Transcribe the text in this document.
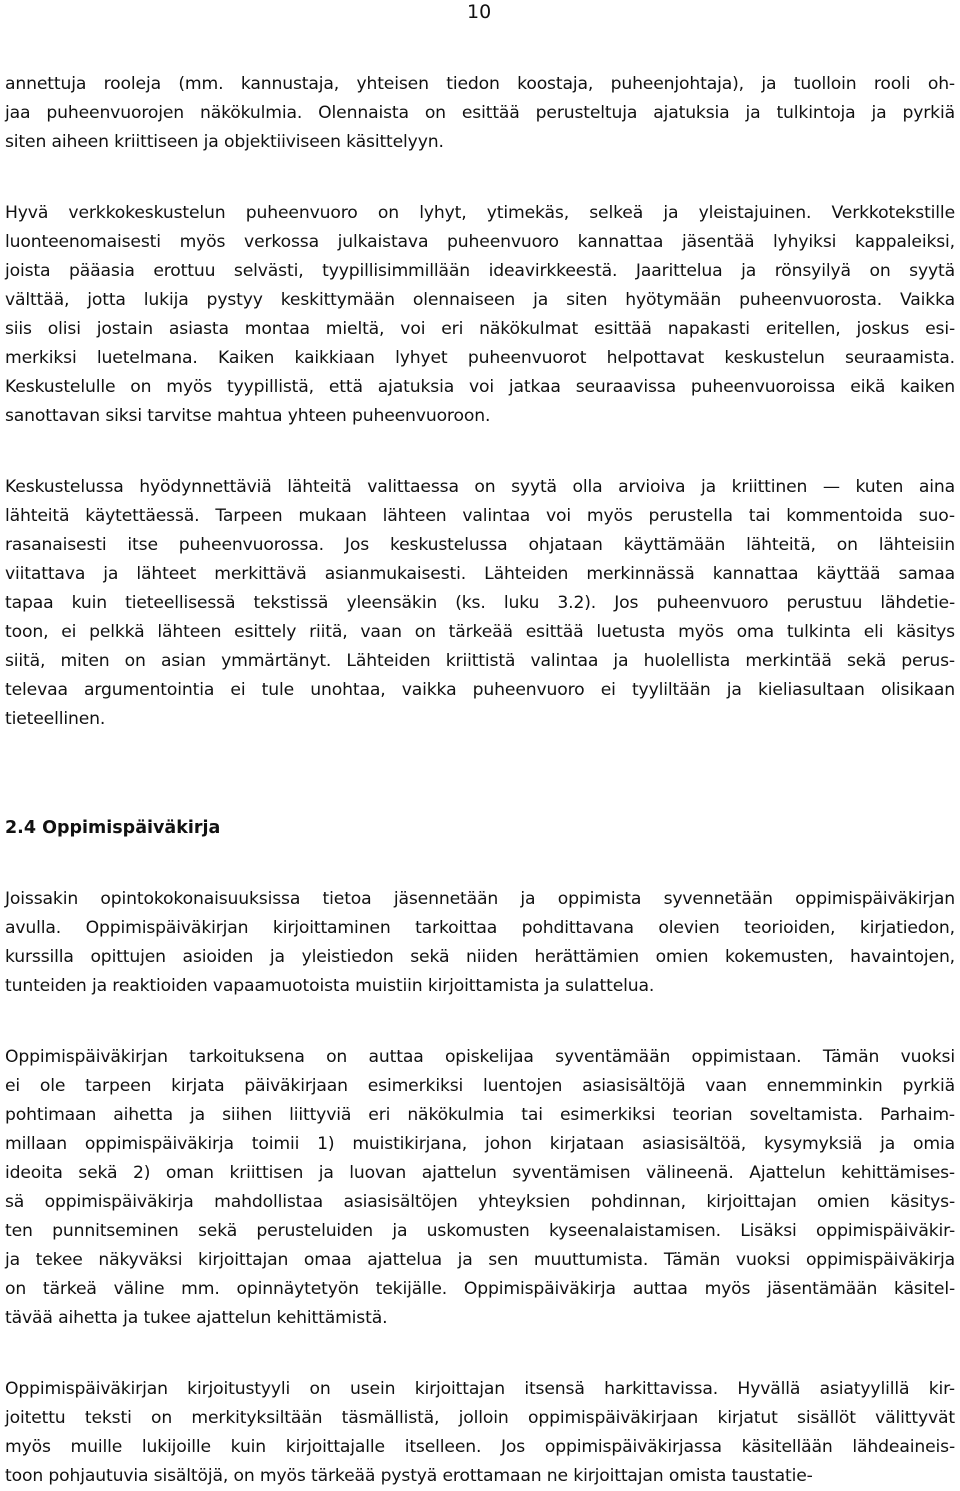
10
annettuja rooleja (mm. kannustaja, yhteisen tiedon koostaja, puheenjohtaja), ja tuolloin rooli oh-
jaa puheenvuorojen näkökulmia. Olennaista on esittää perusteltuja ajatuksia ja tulkintoja ja pyrkiä
siten aiheen kriittiseen ja objektiiviseen käsittelyyn.
Hyvä verkkokeskustelun puheenvuoro on lyhyt, ytimekäs, selkeä ja yleistajuinen. Verkkotekstille
luonteenomaisesti myös verkossa julkaistava puheenvuoro kannattaa jäsentää lyhyiksi kappaleiksi,
joista pääasia erottuu selvästi, tyypillisimmillään ideavirkkeestä. Jaarittelua ja rönsyilyä on syytä
välttää, jotta lukija pystyy keskittymään olennaiseen ja siten hyötymään puheenvuorosta. Vaikka
siis olisi jostain asiasta montaa mieltä, voi eri näkökulmat esittää napakasti eritellen, joskus esi-
merkiksi luetelmana. Kaiken kaikkiaan lyhyet puheenvuorot helpottavat keskustelun seuraamista.
Keskustelulle on myös tyypillistä, että ajatuksia voi jatkaa seuraavissa puheenvuoroissa eikä kaiken
sanottavan siksi tarvitse mahtua yhteen puheenvuoroon.
Keskustelussa hyödynnettäviä lähteitä valittaessa on syytä olla arvioiva ja kriittinen — kuten aina
lähteitä käytettäessä. Tarpeen mukaan lähteen valintaa voi myös perustella tai kommentoida suo-
rasanaisesti itse puheenvuorossa. Jos keskustelussa ohjataan käyttämään lähteitä, on lähteisiin
viitattava ja lähteet merkittävä asianmukaisesti. Lähteiden merkinnässä kannattaa käyttää samaa
tapaa kuin tieteellisessä tekstissä yleensäkin (ks. luku 3.2). Jos puheenvuoro perustuu lähdetie-
toon, ei pelkkä lähteen esittely riitä, vaan on tärkeää esittää luetusta myös oma tulkinta eli käsitys
siitä, miten on asian ymmärtänyt. Lähteiden kriittistä valintaa ja huolellista merkintää sekä perus-
televaa argumentointia ei tule unohtaa, vaikka puheenvuoro ei tyyliltään ja kieliasultaan olisikaan
tieteellinen.
2.4 Oppimispäiväkirja
Joissakin opintokokonaisuuksissa tietoa jäsennetään ja oppimista syvennetään oppimispäiväkirjan
avulla. Oppimispäiväkirjan kirjoittaminen tarkoittaa pohdittavana olevien teorioiden, kirjatiedon,
kurssilla opittujen asioiden ja yleistiedon sekä niiden herättämien omien kokemusten, havaintojen,
tunteiden ja reaktioiden vapaamuotoista muistiin kirjoittamista ja sulattelua.
Oppimispäiväkirjan tarkoituksena on auttaa opiskelijaa syventämään oppimistaan. Tämän vuoksi
ei ole tarpeen kirjata päiväkirjaan esimerkiksi luentojen asiasisältöjä vaan ennemminkin pyrkiä
pohtimaan aihetta ja siihen liittyviä eri näkökulmia tai esimerkiksi teorian soveltamista. Parhaim-
millaan oppimispäiväkirja toimii 1) muistikirjana, johon kirjataan asiasisältöä, kysymyksiä ja omia
ideoita sekä 2) oman kriittisen ja luovan ajattelun syventämisen välineenä. Ajattelun kehittämises-
sä oppimispäiväkirja mahdollistaa asiasisältöjen yhteyksien pohdinnan, kirjoittajan omien käsitys-
ten punnitseminen sekä perusteluiden ja uskomusten kyseenalaistamisen. Lisäksi oppimispäiväkir-
ja tekee näkyväksi kirjoittajan omaa ajattelua ja sen muuttumista. Tämän vuoksi oppimispäiväkirja
on tärkeä väline mm. opinnäytetyön tekijälle. Oppimispäiväkirja auttaa myös jäsentämään käsitel-
tävää aihetta ja tukee ajattelun kehittämistä.
Oppimispäiväkirjan kirjoitustyyli on usein kirjoittajan itsensä harkittavissa. Hyvällä asiatyylillä kir-
joitettu teksti on merkityksiltään täsmällistä, jolloin oppimispäiväkirjaan kirjatut sisällöt välittyvät
myös muille lukijoille kuin kirjoittajalle itselleen. Jos oppimispäiväkirjassa käsitellään lähdeaineis-
toon pohjautuvia sisältöjä, on myös tärkeää pystyä erottamaan ne kirjoittajan omista taustatie-
